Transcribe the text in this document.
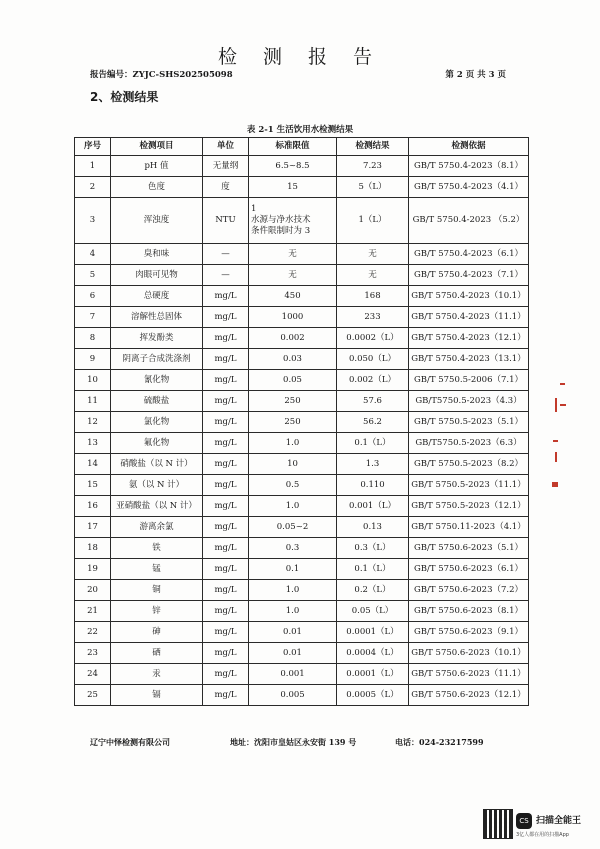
检 测 报 告
报告编号：ZYJC-SHS202505098	第 2 页 共 3 页
2、检测结果
表 2-1 生活饮用水检测结果
序号	检测项目	单位	标准限值	检测结果	检测依据
1	pH 值	无量纲	6.5~8.5	7.23	GB/T 5750.4-2023（8.1）
2	色度	度	15	5（L）	GB/T 5750.4-2023（4.1）
3	浑浊度	NTU	1
水源与净水技术
条件限制时为 3	1（L）	GB/T 5750.4-2023 （5.2）
4	臭和味	—	无	无	GB/T 5750.4-2023（6.1）
5	肉眼可见物	—	无	无	GB/T 5750.4-2023（7.1）
6	总硬度	mg/L	450	168	GB/T 5750.4-2023（10.1）
7	溶解性总固体	mg/L	1000	233	GB/T 5750.4-2023（11.1）
8	挥发酚类	mg/L	0.002	0.0002（L）	GB/T 5750.4-2023（12.1）
9	阴离子合成洗涤剂	mg/L	0.03	0.050（L）	GB/T 5750.4-2023（13.1）
10	氰化物	mg/L	0.05	0.002（L）	GB/T 5750.5-2006（7.1）
11	硫酸盐	mg/L	250	57.6	GB/T5750.5-2023（4.3）
12	氯化物	mg/L	250	56.2	GB/T 5750.5-2023（5.1）
13	氟化物	mg/L	1.0	0.1（L）	GB/T5750.5-2023（6.3）
14	硝酸盐（以 N 计）	mg/L	10	1.3	GB/T 5750.5-2023（8.2）
15	氨（以 N 计）	mg/L	0.5	0.110	GB/T 5750.5-2023（11.1）
16	亚硝酸盐（以 N 计）	mg/L	1.0	0.001（L）	GB/T 5750.5-2023（12.1）
17	游离余氯	mg/L	0.05~2	0.13	GB/T 5750.11-2023（4.1）
18	铁	mg/L	0.3	0.3（L）	GB/T 5750.6-2023（5.1）
19	锰	mg/L	0.1	0.1（L）	GB/T 5750.6-2023（6.1）
20	铜	mg/L	1.0	0.2（L）	GB/T 5750.6-2023（7.2）
21	锌	mg/L	1.0	0.05（L）	GB/T 5750.6-2023（8.1）
22	砷	mg/L	0.01	0.0001（L）	GB/T 5750.6-2023（9.1）
23	硒	mg/L	0.01	0.0004（L）	GB/T 5750.6-2023（10.1）
24	汞	mg/L	0.001	0.0001（L）	GB/T 5750.6-2023（11.1）
25	镉	mg/L	0.005	0.0005（L）	GB/T 5750.6-2023（12.1）
辽宁中怿检测有限公司	地址：沈阳市皇姑区永安街 139 号	电话：024-23217599
CS 扫描全能王
3亿人都在用的扫描App
